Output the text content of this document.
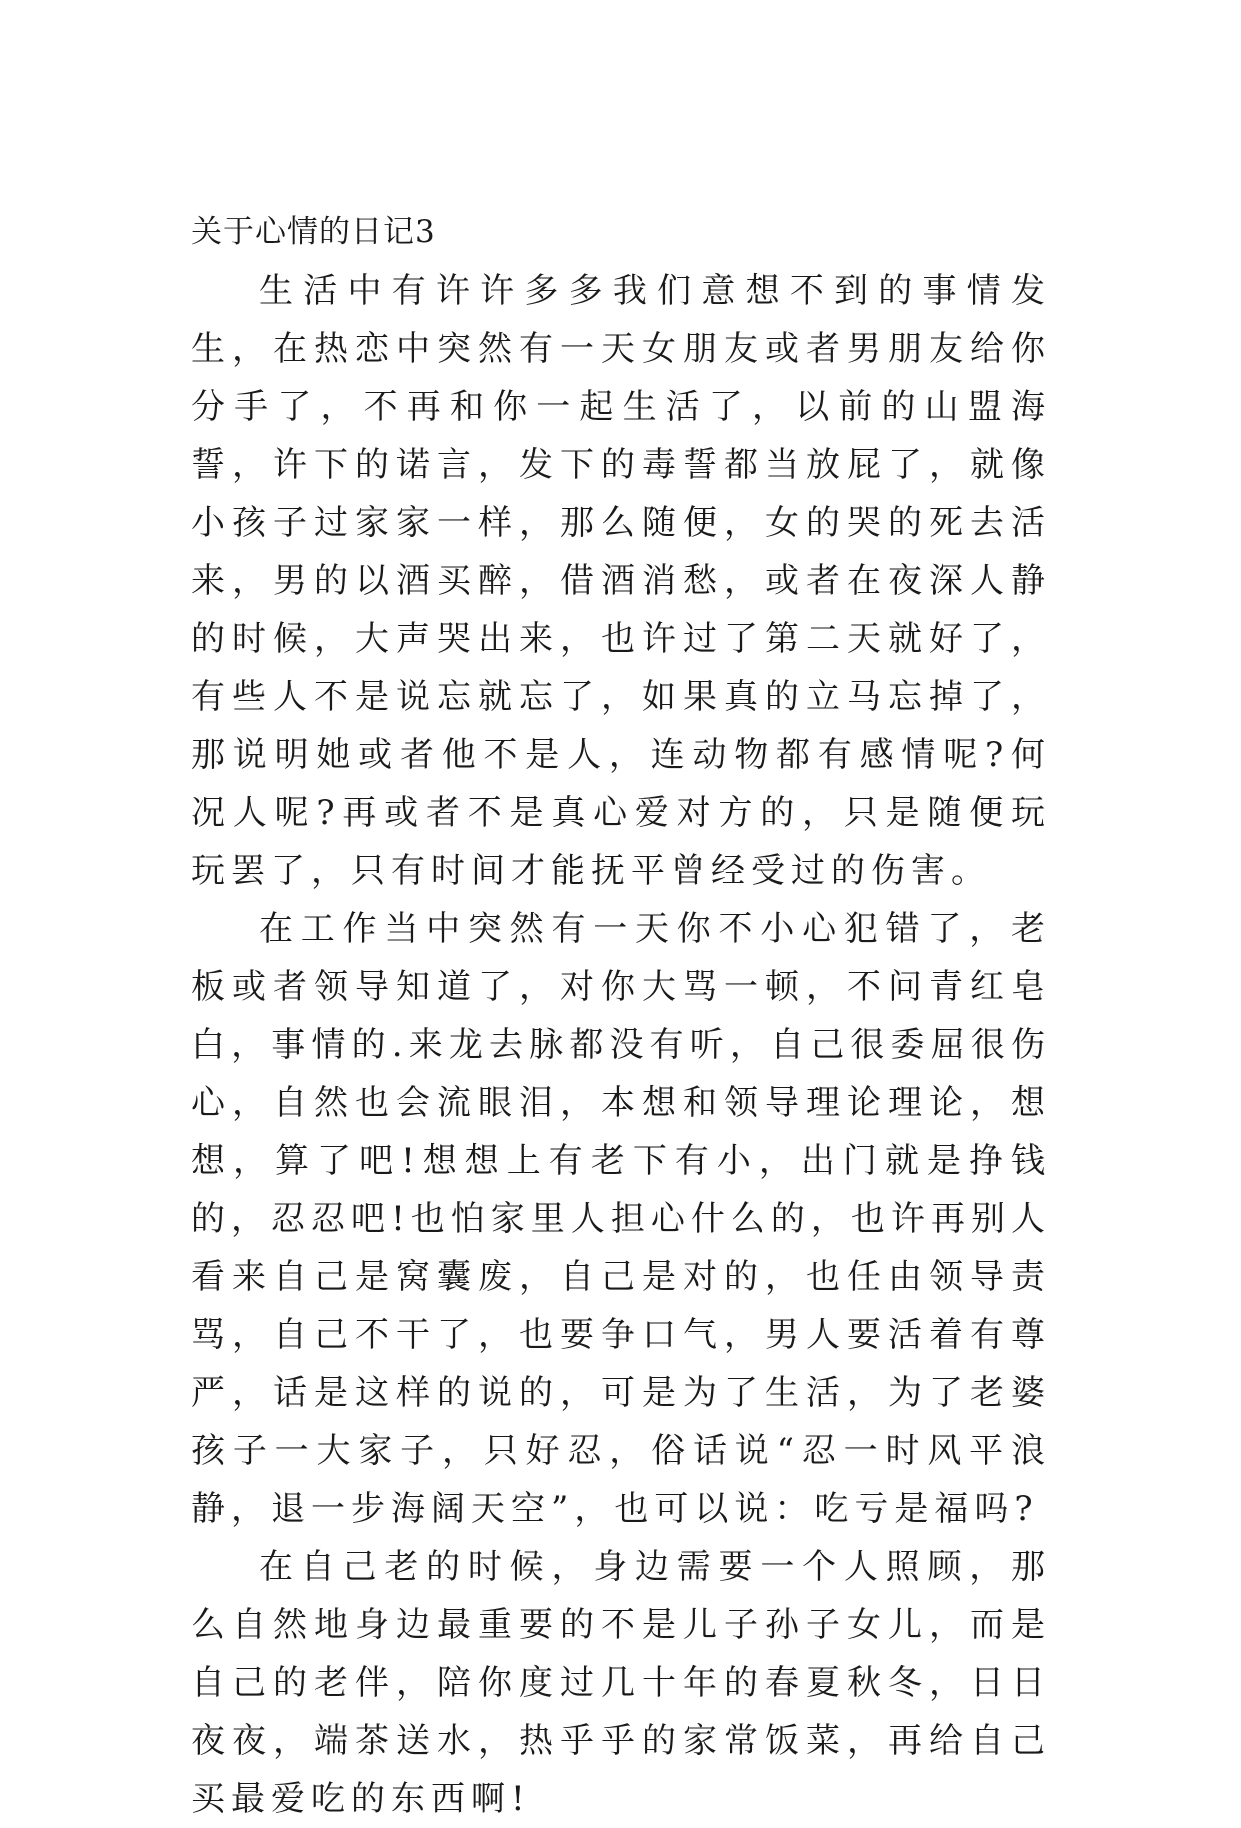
关于心情的日记3

生活中有许许多多我们意想不到的事情发生，在热恋中突然有一天女朋友或者男朋友给你分手了，不再和你一起生活了，以前的山盟海誓，许下的诺言，发下的毒誓都当放屁了，就像小孩子过家家一样，那么随便，女的哭的死去活来，男的以酒买醉，借酒消愁，或者在夜深人静的时候，大声哭出来，也许过了第二天就好了，有些人不是说忘就忘了，如果真的立马忘掉了，那说明她或者他不是人，连动物都有感情呢?何况人呢?再或者不是真心爱对方的，只是随便玩玩罢了，只有时间才能抚平曾经受过的伤害。

在工作当中突然有一天你不小心犯错了，老板或者领导知道了，对你大骂一顿，不问青红皂白，事情的.来龙去脉都没有听，自己很委屈很伤心，自然也会流眼泪，本想和领导理论理论，想想，算了吧!想想上有老下有小，出门就是挣钱的，忍忍吧!也怕家里人担心什么的，也许再别人看来自己是窝囊废，自己是对的，也任由领导责骂，自己不干了，也要争口气，男人要活着有尊严，话是这样的说的，可是为了生活，为了老婆孩子一大家子，只好忍，俗话说“忍一时风平浪静，退一步海阔天空”，也可以说：吃亏是福吗?

在自己老的时候，身边需要一个人照顾，那么自然地身边最重要的不是儿子孙子女儿，而是自己的老伴，陪你度过几十年的春夏秋冬，日日夜夜，端茶送水，热乎乎的家常饭菜，再给自己买最爱吃的东西啊!
